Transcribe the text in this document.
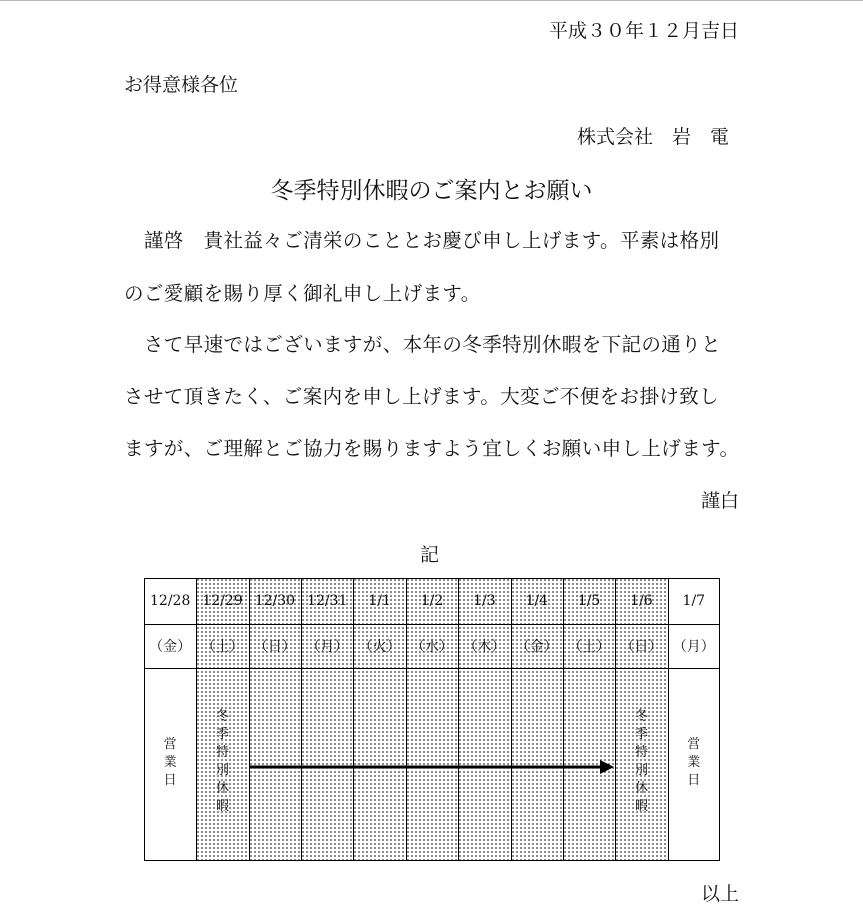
平成３０年１２月吉日

お得意様各位

株式会社　岩　電

冬季特別休暇のご案内とお願い

　謹啓　貴社益々ご清栄のこととお慶び申し上げます。平素は格別

のご愛顧を賜り厚く御礼申し上げます。

　さて早速ではございますが、本年の冬季特別休暇を下記の通りと

させて頂きたく、ご案内を申し上げます。大変ご不便をお掛け致し

ますが、ご理解とご協力を賜りますよう宜しくお願い申し上げます。

謹白

記

1/7
（月）
営
業
日
1/6
（日）
冬
季
特
別
休
暇
1/5
（土）
1/4
（金）
1/3
（木）
1/2
（水）
1/1
（火）
12/31
（月）
12/30
（日）
12/29
（土）
冬
季
特
別
休
暇
12/28
（金）
営
業
日

以上
